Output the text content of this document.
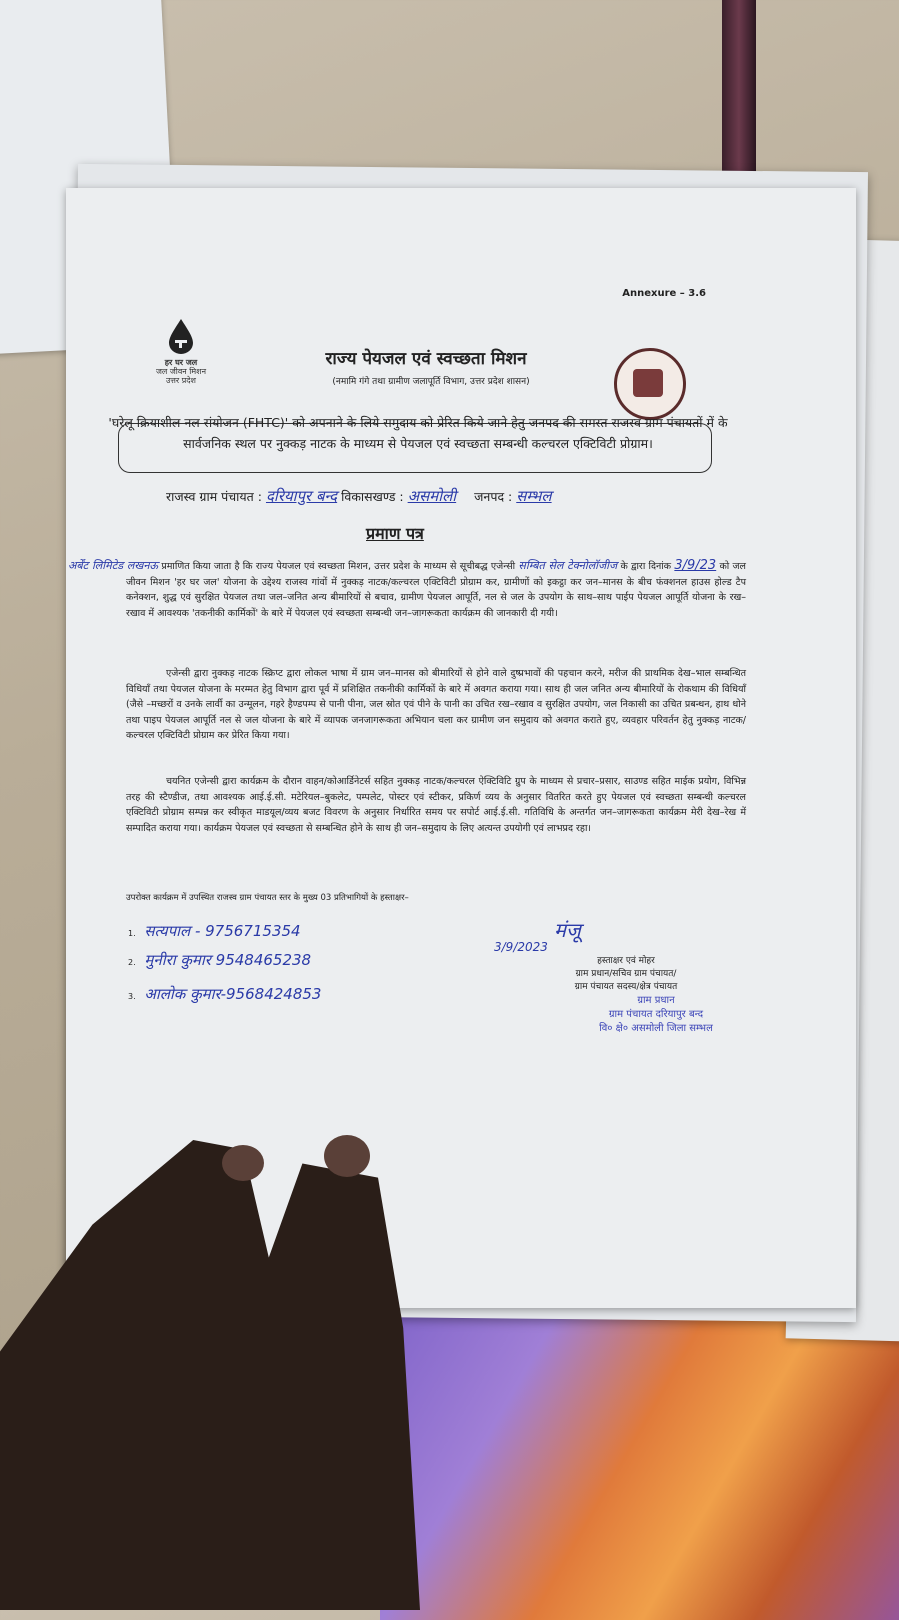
Annexure – 3.6
हर घर जल
जल जीवन मिशन
उत्तर प्रदेश
राज्य पेयजल एवं स्वच्छता मिशन
(नमामि गंगे तथा ग्रामीण जलापूर्ति विभाग, उत्तर प्रदेश शासन)
'घरेलू क्रियाशील नल संयोजन (FHTC)' को अपनाने के लिये समुदाय को प्रेरित किये जाने हेतु जनपद की समस्त राजस्व ग्राम पंचायतों में के सार्वजनिक स्थल पर नुक्कड़ नाटक के माध्यम से पेयजल एवं स्वच्छता सम्बन्धी कल्चरल एक्टिविटी प्रोग्राम।
राजस्व ग्राम पंचायत : दरियापुर बन्द विकासखण्ड : असमोली जनपद : सम्भल
प्रमाण पत्र
अर्बेंट लिमिटेड लखनऊ प्रमाणित किया जाता है कि राज्य पेयजल एवं स्वच्छता मिशन, उत्तर प्रदेश के माध्यम से सूचीबद्ध एजेन्सी सम्बित सेल टेक्नोलॉजीज के द्वारा दिनांक 3/9/23 को जल जीवन मिशन 'हर घर जल' योजना के उद्देश्य राजस्व गांवों में नुक्कड़ नाटक/कल्चरल एक्टिविटी प्रोग्राम कर, ग्रामीणों को इकट्ठा कर जन–मानस के बीच फंक्शनल हाउस होल्ड टैप कनेक्शन, शुद्ध एवं सुरक्षित पेयजल तथा जल–जनित अन्य बीमारियों से बचाव, ग्रामीण पेयजल आपूर्ति, नल से जल के उपयोग के साथ–साथ पाईप पेयजल आपूर्ति योजना के रख–रखाव में आवश्यक 'तकनीकी कार्मिकों' के बारे में पेयजल एवं स्वच्छता सम्बन्धी जन–जागरूकता कार्यक्रम की जानकारी दी गयी।
एजेन्सी द्वारा नुक्कड़ नाटक स्क्रिप्ट द्वारा लोकल भाषा में ग्राम जन–मानस को बीमारियों से होने वाले दुष्प्रभावों की पहचान करने, मरीज की प्राथमिक देख–भाल सम्बन्धित विधियाँ तथा पेयजल योजना के मरम्मत हेतु विभाग द्वारा पूर्व में प्रशिक्षित तकनीकी कार्मिकों के बारे में अवगत कराया गया। साथ ही जल जनित अन्य बीमारियों के रोकथाम की विधियाँ (जैसे –मच्छरों व उनके लार्वी का उन्मूलन, गहरे हैण्डपम्प से पानी पीना, जल स्रोत एवं पीने के पानी का उचित रख–रखाव व सुरक्षित उपयोग, जल निकासी का उचित प्रबन्धन, हाथ धोने तथा पाइप पेयजल आपूर्ति नल से जल योजना के बारे में व्यापक जनजागरूकता अभियान चला कर ग्रामीण जन समुदाय को अवगत कराते हुए, व्यवहार परिवर्तन हेतु नुक्कड़ नाटक/कल्चरल एक्टिविटी प्रोग्राम कर प्रेरित किया गया।
चयनित एजेन्सी द्वारा कार्यक्रम के दौरान वाहन/कोआर्डिनेटर्स सहित नुक्कड़ नाटक/कल्चरल ऐक्टिविटि ग्रुप के माध्यम से प्रचार–प्रसार, साउण्ड सहित माईक प्रयोग, विभिन्न तरह की स्टैण्डीज, तथा आवश्यक आई.ई.सी. मटेरियल–बुकलेट, पम्पलेट, पोस्टर एवं स्टीकर, प्रकिर्ण व्यय के अनुसार वितरित करते हुए पेयजल एवं स्वच्छता सम्बन्धी कल्चरल एक्टिविटी प्रोग्राम सम्पन्न कर स्वीकृत माडयूल/व्यय बजट विवरण के अनुसार निर्धारित समय पर सपोर्ट आई.ई.सी. गतिविधि के अन्तर्गत जन–जागरूकता कार्यक्रम मेरी देख–रेख में सम्पादित कराया गया। कार्यक्रम पेयजल एवं स्वच्छता से सम्बन्धित होने के साथ ही जन–समुदाय के लिए अत्यन्त उपयोगी एवं लाभप्रद रहा।
उपरोक्त कार्यक्रम में उपस्थित राजस्व ग्राम पंचायत स्तर के मुख्य 03 प्रतिभागियों के हस्ताक्षर–
1. सत्यपाल - 9756715354
2. मुनीरा कुमार 9548465238
3. आलोक कुमार-9568424853
मंजू
3/9/2023
हस्ताक्षर एवं मोहर
ग्राम प्रधान/सचिव ग्राम पंचायत/
ग्राम पंचायत सदस्य/क्षेत्र पंचायत
ग्राम प्रधान
ग्राम पंचायत दरियापुर बन्द
वि० क्षे० असमोली जिला सम्भल
